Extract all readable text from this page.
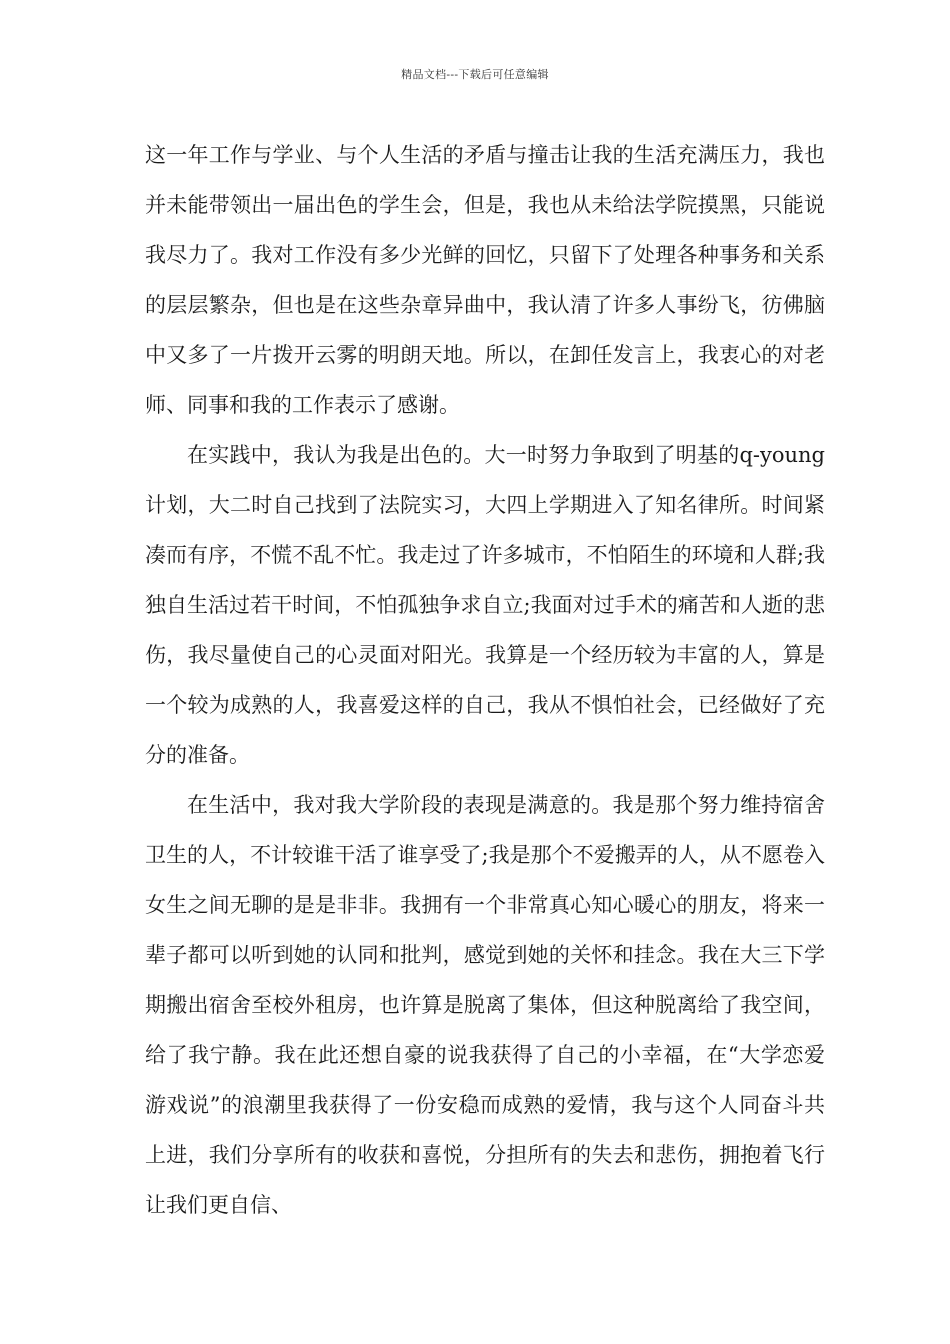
精品文档---下载后可任意编辑

这一年工作与学业、与个人生活的矛盾与撞击让我的生活充满压力，我也并未能带领出一届出色的学生会，但是，我也从未给法学院摸黑，只能说我尽力了。我对工作没有多少光鲜的回忆，只留下了处理各种事务和关系的层层繁杂，但也是在这些杂章异曲中，我认清了许多人事纷飞，彷佛脑中又多了一片拨开云雾的明朗天地。所以，在卸任发言上，我衷心的对老师、同事和我的工作表示了感谢。

在实践中，我认为我是出色的。大一时努力争取到了明基的q-young计划，大二时自己找到了法院实习，大四上学期进入了知名律所。时间紧凑而有序，不慌不乱不忙。我走过了许多城市，不怕陌生的环境和人群;我独自生活过若干时间，不怕孤独争求自立;我面对过手术的痛苦和人逝的悲伤，我尽量使自己的心灵面对阳光。我算是一个经历较为丰富的人，算是一个较为成熟的人，我喜爱这样的自己，我从不惧怕社会，已经做好了充分的准备。

在生活中，我对我大学阶段的表现是满意的。我是那个努力维持宿舍卫生的人，不计较谁干活了谁享受了;我是那个不爱搬弄的人，从不愿卷入女生之间无聊的是是非非。我拥有一个非常真心知心暖心的朋友，将来一辈子都可以听到她的认同和批判，感觉到她的关怀和挂念。我在大三下学期搬出宿舍至校外租房，也许算是脱离了集体，但这种脱离给了我空间，给了我宁静。我在此还想自豪的说我获得了自己的小幸福，在“大学恋爱游戏说”的浪潮里我获得了一份安稳而成熟的爱情，我与这个人同奋斗共上进，我们分享所有的收获和喜悦，分担所有的失去和悲伤，拥抱着飞行让我们更自信、
